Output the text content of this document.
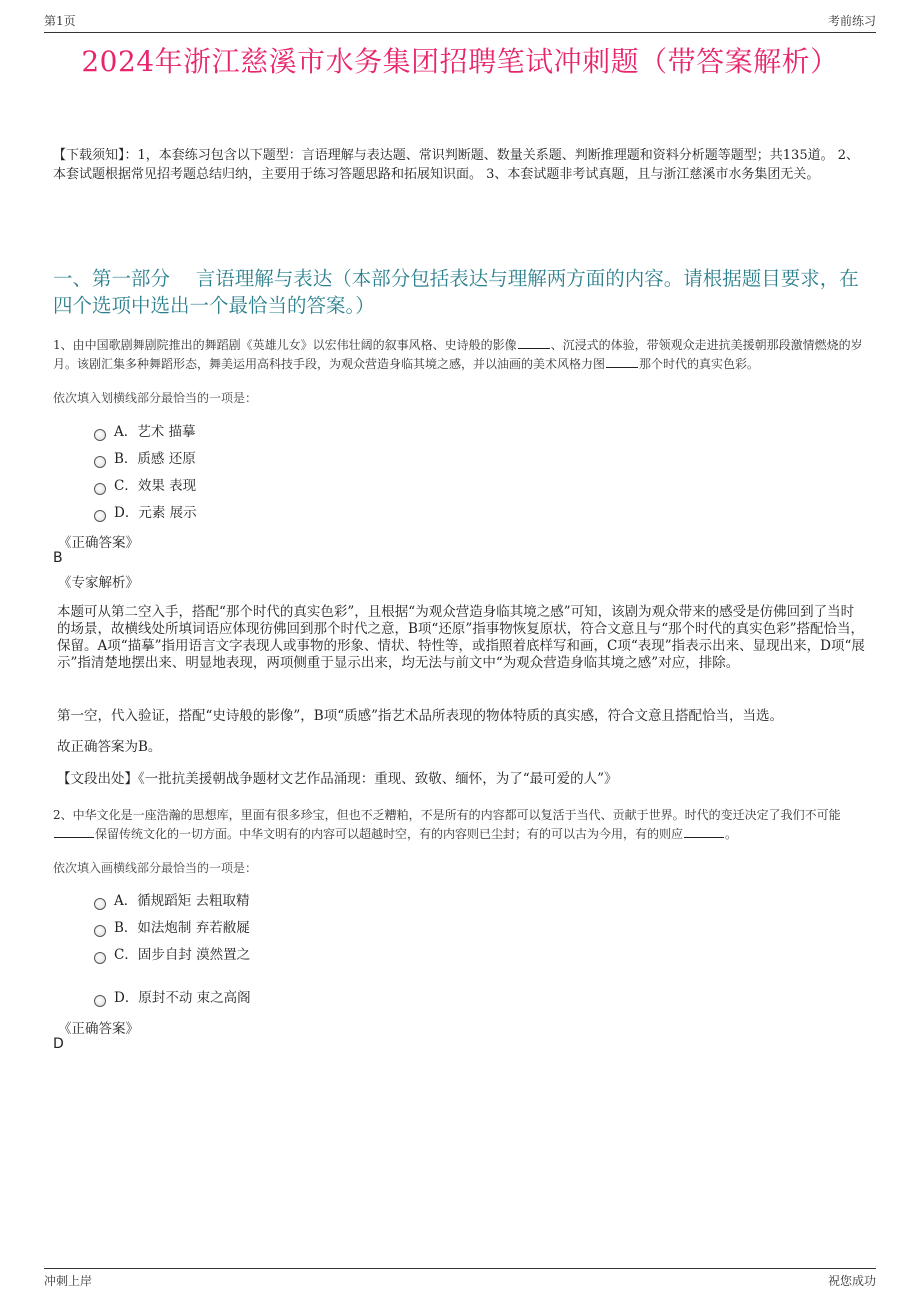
第1页	考前练习
2024年浙江慈溪市水务集团招聘笔试冲刺题（带答案解析）
【下载须知】：1，本套练习包含以下题型：言语理解与表达题、常识判断题、数量关系题、判断推理题和资料分析题等题型；共135道。 2、本套试题根据常见招考题总结归纳，主要用于练习答题思路和拓展知识面。 3、本套试题非考试真题，且与浙江慈溪市水务集团无关。
一、第一部分　 言语理解与表达（本部分包括表达与理解两方面的内容。请根据题目要求，在四个选项中选出一个最恰当的答案。）
1、由中国歌剧舞剧院推出的舞蹈剧《英雄儿女》以宏伟壮阔的叙事风格、史诗般的影像	、沉浸式的体验，带领观众走进抗美援朝那段激情燃烧的岁月。该剧汇集多种舞蹈形态，舞美运用高科技手段，为观众营造身临其境之感，并以油画的美术风格力图	那个时代的真实色彩。
依次填入划横线部分最恰当的一项是：
A．艺术 描摹
B．质感 还原
C．效果 表现
D．元素 展示
《正确答案》
B
《专家解析》
本题可从第二空入手，搭配“那个时代的真实色彩”，且根据“为观众营造身临其境之感”可知，该剧为观众带来的感受是仿佛回到了当时的场景，故横线处所填词语应体现彷佛回到那个时代之意，B项“还原”指事物恢复原状，符合文意且与“那个时代的真实色彩”搭配恰当，保留。A项“描摹”指用语言文字表现人或事物的形象、情状、特性等，或指照着底样写和画，C项“表现”指表示出来、显现出来，D项“展示”指清楚地摆出来、明显地表现，两项侧重于显示出来，均无法与前文中“为观众营造身临其境之感”对应，排除。
第一空，代入验证，搭配“史诗般的影像”，B项“质感”指艺术品所表现的物体特质的真实感，符合文意且搭配恰当，当选。
故正确答案为B。
【文段出处】《一批抗美援朝战争题材文艺作品涌现：重现、致敬、缅怀，为了“最可爱的人”》
2、中华文化是一座浩瀚的思想库，里面有很多珍宝，但也不乏糟粕，不是所有的内容都可以复活于当代、贡献于世界。时代的变迁决定了我们不可能保留传统文化的一切方面。中华文明有的内容可以超越时空，有的内容则已尘封；有的可以古为今用，有的则应	。
依次填入画横线部分最恰当的一项是：
A．循规蹈矩 去粗取精
B．如法炮制 弃若敝屣
C．固步自封 漠然置之
D．原封不动 束之高阁
《正确答案》
D
冲刺上岸	祝您成功
